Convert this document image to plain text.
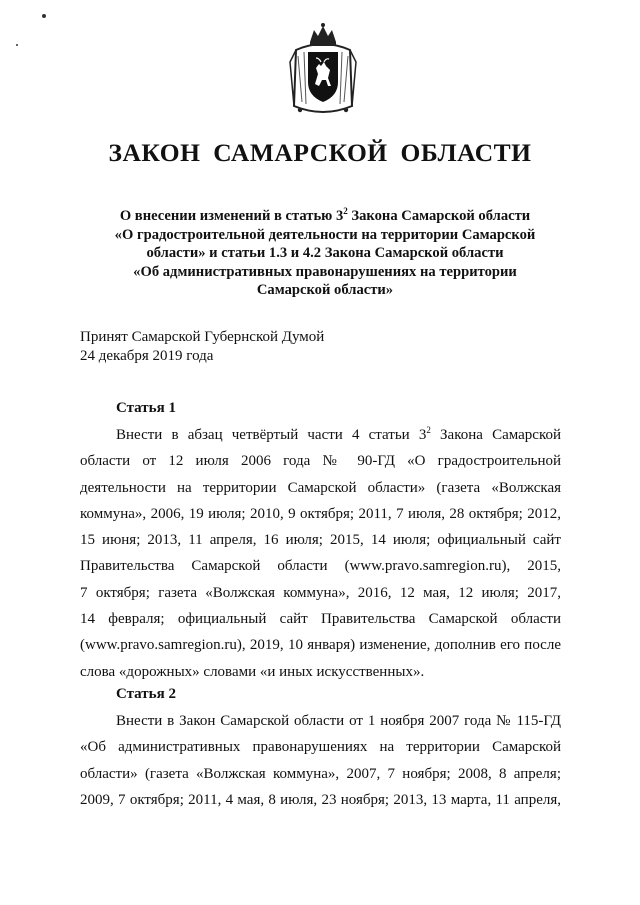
ЗАКОН САМАРСКОЙ ОБЛАСТИ
О внесении изменений в статью $3^2$ Закона Самарской области
«О градостроительной деятельности на территории Самарской
области» и статьи 1.3 и 4.2 Закона Самарской области
«Об административных правонарушениях на территории
Самарской области»
Принят Самарской Губернской Думой
24 декабря 2019 года
Статья 1
Внести в абзац четвёртый части 4 статьи $3^2$ Закона Самарской
области от 12 июля 2006 года № 90-ГД «О градостроительной
деятельности на территории Самарской области» (газета «Волжская
коммуна», 2006, 19 июля; 2010, 9 октября; 2011, 7 июля, 28 октября; 2012,
15 июня; 2013, 11 апреля, 16 июля; 2015, 14 июля; официальный сайт
Правительства Самарской области (www.pravo.samregion.ru), 2015,
7 октября; газета «Волжская коммуна», 2016, 12 мая, 12 июля; 2017,
14 февраля; официальный сайт Правительства Самарской области
(www.pravo.samregion.ru), 2019, 10 января) изменение, дополнив его после
слова «дорожных» словами «и иных искусственных».
Статья 2
Внести в Закон Самарской области от 1 ноября 2007 года № 115-ГД
«Об административных правонарушениях на территории Самарской
области» (газета «Волжская коммуна», 2007, 7 ноября; 2008, 8 апреля;
2009, 7 октября; 2011, 4 мая, 8 июля, 23 ноября; 2013, 13 марта, 11 апреля,
